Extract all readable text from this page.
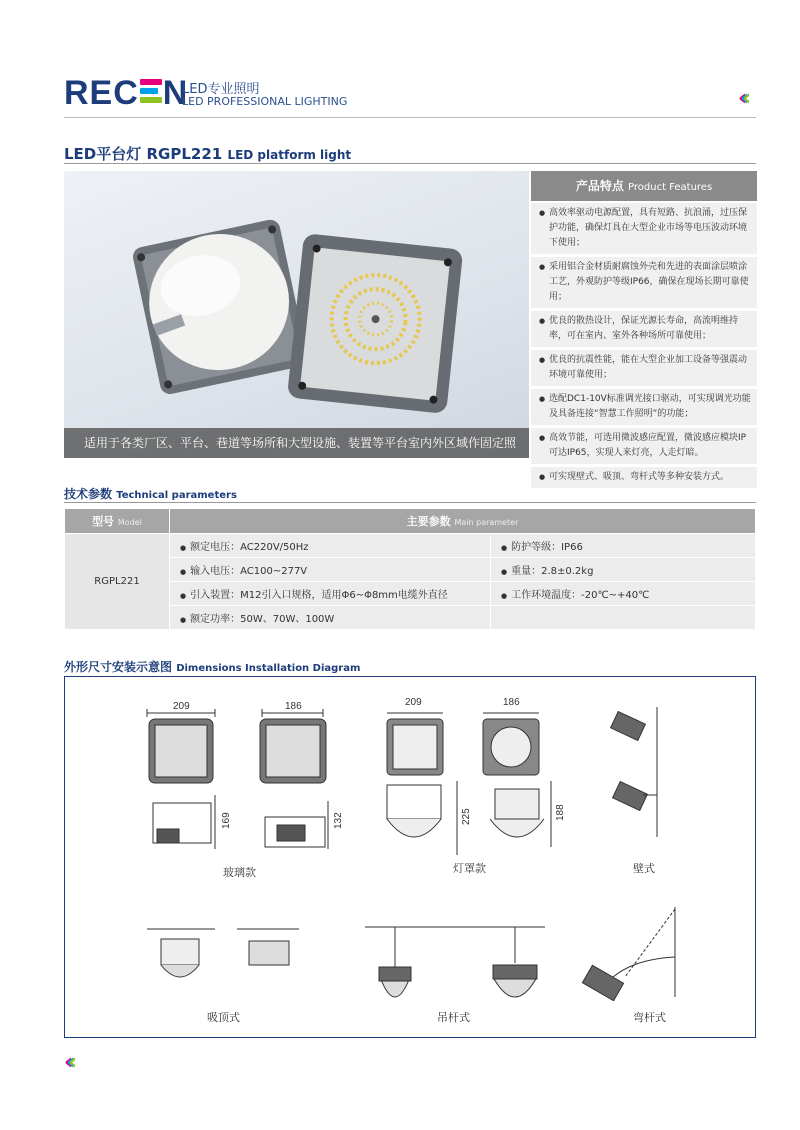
REC N
LED专业照明
LED PROFESSIONAL LIGHTING	‹‹‹
LED平台灯 RGPL221 LED platform light
适用于各类厂区、平台、巷道等场所和大型设施、装置等平台室内外区域作固定照明。
产品特点 Product Features
● 高效率驱动电源配置，具有短路、抗浪涌，过压保护功能，确保灯具在大型企业市场等电压波动环境下使用；
● 采用铝合金材质耐腐蚀外壳和先进的表面涂层喷涂工艺，外观防护等级IP66，确保在现场长期可靠使用；
● 优良的散热设计，保证光源长寿命，高流明维持率，可在室内、室外各种场所可靠使用；
● 优良的抗震性能，能在大型企业加工设备等强震动环境可靠使用；
● 选配DC1-10V标准调光接口驱动，可实现调光功能及具备连接“智慧工作照明”的功能；
● 高效节能，可选用微波感应配置，微波感应模块IP可达IP65，实现人来灯亮，人走灯暗。
● 可实现壁式、吸顶、弯杆式等多种安装方式。
技术参数 Technical parameters
型号 Model	主要参数 Main parameter	
RGPL221	● 额定电压：AC220V/50Hz	● 防护等级：IP66
	● 输入电压：AC100~277V	● 重量：2.8±0.2kg
	● 引入装置：M12引入口规格，适用Φ6~Φ8mm电缆外直径	● 工作环境温度：-20℃~+40℃
	● 额定功率：50W、70W、100W	
外形尺寸安装示意图 Dimensions Installation Diagram
209	186
169	132
209	186
225	188
玻璃款	灯罩款	壁式
吸顶式	吊杆式	弯杆式
‹‹‹
